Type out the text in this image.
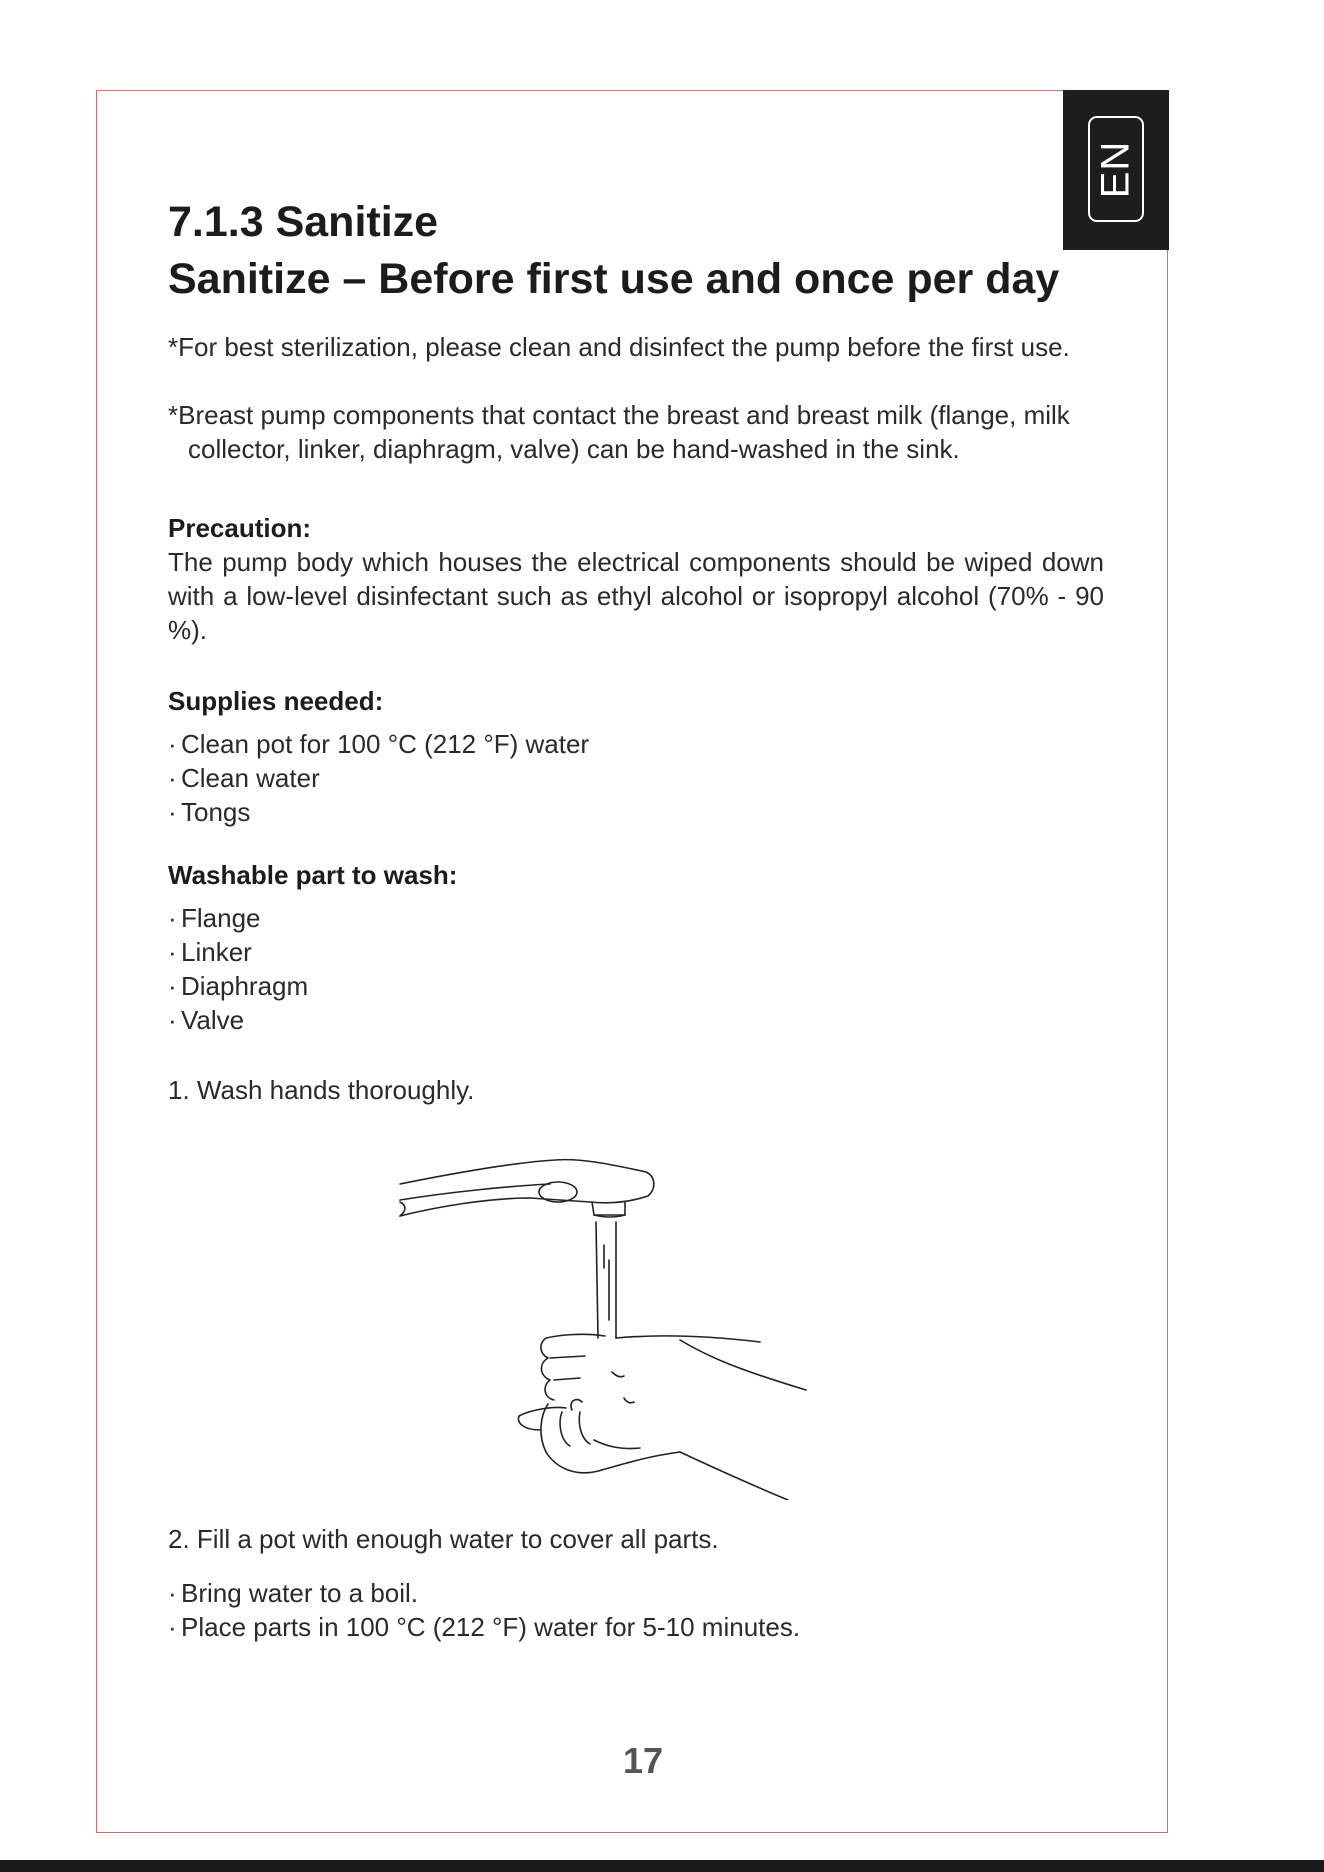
EN
7.1.3 Sanitize
Sanitize – Before first use and once per day

*For best sterilization, please clean and disinfect the pump before the first use.

*Breast pump components that contact the breast and breast milk (flange, milk collector, linker, diaphragm, valve) can be hand-washed in the sink.

Precaution:

The pump body which houses the electrical components should be wiped down with a low-level disinfectant such as ethyl alcohol or isopropyl alcohol (70% - 90 %).

Supplies needed:

· Clean pot for 100 °C (212 °F) water
· Clean water
· Tongs

Washable part to wash:

· Flange
· Linker
· Diaphragm
· Valve

1. Wash hands thoroughly.

2. Fill a pot with enough water to cover all parts.

· Bring water to a boil.
· Place parts in 100 °C (212 °F) water for 5-10 minutes.
17
